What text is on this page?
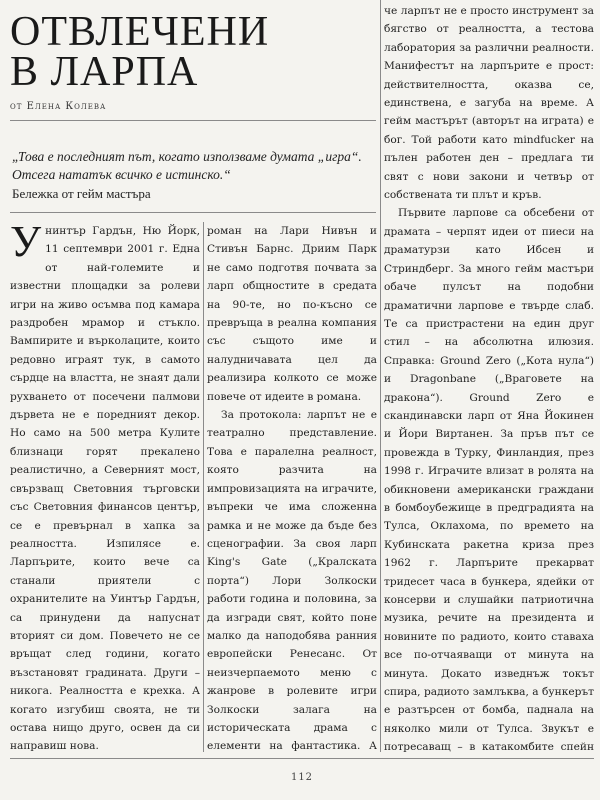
ОТВЛЕЧЕНИ
В ЛАРПА
от Елена Колева

„Това е последният път, когато използваме думата „игра“. Отсега нататък всичко е истинско.“

Бележка от гейм мастъра

Унинтър Гардън, Ню Йорк, 11 септември 2001 г. Една от най-големите и известни площадки за ролеви игри на живо осъмва под камара раздробен мрамор и стъкло. Вампирите и върколаците, които редовно играят тук, в самото сърдце на властта, не знаят дали рухването от посечени палмови дървета не е поредният декор. Но само на 500 метра Кулите близнаци горят прекалено реалистично, а Северният мост, свързващ Световния търговски със Световния финансов център, се е превърнал в хапка за реалността. Изпилясе е. Ларпърите, които вече са станали приятели с охранителите на Уинтър Гардън, са принудени да напуснат вторият си дом. Повечето не се връщат след години, когато възстановят градината. Други – никога. Реалността е крехка. А когато изгубиш своята, не ти остава нищо друго, освен да си направиш нова.

роман на Лари Нивън и Стивън Барнс. Дриим Парк не само подготвя почвата за ларп общностите в средата на 90-те, но по-късно се превръща в реална компания със същото име и налудничавата цел да реализира колкото се може повече от идеите в романа.

За протокола: ларпът не е театрално представление. Това е паралелна реалност, която разчита на импровизацията на играчите, въпреки че има сложенна рамка и не може да бъде без сценографии. За своя ларп King's Gate („Кралската порта“) Лори Золкоски работи година и половина, за да изгради свят, който поне малко да наподобява ранния европейски Ренесанс. От неизчерпаемото меню с жанрове в ролевите игри Золкоски залага на историческата драма с елементи на фантастика. А

че ларпът не е просто инструмент за бягство от реалността, а тестова лаборатория за различни реалности. Манифестът на ларпърите е прост: действителността, оказва се, единствена, е загуба на време. А гейм мастърът (авторът на играта) е бог. Той работи като mindfucker на пълен работен ден – предлага ти свят с нови закони и четвър от собствената ти плът и кръв.

Първите ларпове са обсебени от драмата – черпят идеи от пиеси на драматурзи като Ибсен и Стриндберг. За много гейм мастъри обаче пулсът на подобни драматични ларпове е твърде слаб. Те са пристрастени на един друг стил – на абсолютна илюзия. Справка: Ground Zero („Кота нула“) и Dragonbane („Враговете на драконa“). Ground Zero е скандинавски ларп от Яна Йокинен и Йори Виртанен. За пръв път се провежда в Турку, Финландия, през 1998 г. Играчите влизат в ролята на обикновени американски граждани в бомбоубежище в предградията на Тулса, Оклахома, по времето на Кубинската ракетна криза през 1962 г. Ларпърите прекарват тридесет часа в бункера, ядейки от консерви и слушайки патриотична музика, речите на президента и новините по радиото, които ставаха все по-отчаяващи от минута на минута. Докато изведнъж токът спира, радиото замлъква, а бункерът е разтърсен от бомба, паднала на няколко мили от Тулса. Звукът е потресаващ – в катакомбите спейн

112
